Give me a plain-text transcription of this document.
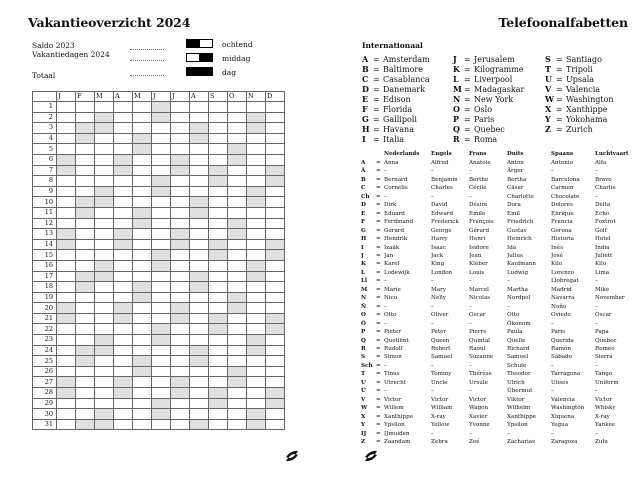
Vakantieoverzicht 2024
Saldo 2023
Vakantiedagen 2024
Totaal
ochtend
middag
dag
	J	F	M	A	M	J	J	A	S	O	N	D
1												
2												
3												
4												
5												
6												
7												
8												
9												
10												
11												
12												
13												
14												
15												
16												
17												
18												
19												
20												
21												
22												
23												
24												
25												
26												
27												
28												
29												
30												
31												
Telefoonalfabetten
Internationaal
A = Amsterdam
B = Baltimore
C = Casablanca
D = Danemark
E = Edison
F = Florida
G = Gallipoli
H = Havana
I = Italia
J = Jerusalem
K = Kilogramme
L = Liverpool
M = Madagaskar
N = New York
O = Oslo
P = Paris
Q = Quebec
R = Roma
S = Santiago
T = Tripoli
U = Upsala
V = Valencia
W = Washington
X = Xanthippe
Y = Yokohama
Z = Zurich
		Nederlands	Engels	Frans	Duits	Spaans	Luchtvaart
A	=	Anna	Alfred	Anatole	Anton	Antonio	Alfa
Ä	=	–	–	–	Ärger	–	–
B	=	Bernard	Benjamin	Berthe	Bertha	Barcelona	Bravo
C	=	Cornelis	Charles	Cécile	Cäsar	Carmen	Charlie
Ch	=	–	–	–	Charlotte	Chocolate	–
D	=	Dirk	David	Désiré	Dora	Dolores	Delta
E	=	Eduard	Edward	Émile	Emil	Enrique	Echo
F	=	Ferdinand	Frederick	François	Friedrich	Francia	Foxtrot
G	=	Gerard	George	Gérard	Gustav	Gerona	Golf
H	=	Hendrik	Harry	Henri	Heinrich	Historia	Hotel
I	=	Izaäk	Isaac	Isidore	Ida	Inés	India
J	=	Jan	Jack	Jean	Julius	José	Juliett
K	=	Karel	King	Kléber	Kaufmann	Kilo	Kilo
L	=	Lodewijk	London	Louis	Ludwig	Lorenzo	Lima
Ll	=	–	–	–	–	Llobregat	–
M	=	Marie	Mary	Marcel	Martha	Madrid	Mike
N	=	Nico	Nelly	Nicolas	Nordpol	Navarra	November
Ñ	=	–	–	–	–	Noño	–
O	=	Otto	Oliver	Oscar	Otto	Oviedo	Oscar
Ö	=	–	–	–	Ökonom	–	–
P	=	Pieter	Peter	Pierre	Paula	Paris	Papa
Q	=	Quotiënt	Queen	Quintal	Quelle	Querida	Quebec
R	=	Rudolf	Robert	Raoul	Richard	Ramón	Romeo
S	=	Simon	Samuel	Suzanne	Samuel	Sábado	Sierra
Sch	=	–	–	–	Schule	–	–
T	=	Tinus	Tommy	Thérèse	Theodor	Tarragona	Tango
U	=	Utrecht	Uncle	Ursule	Ulrich	Ulises	Uniform
Ü	=	–	–	–	Übermut	–	–
V	=	Victor	Victor	Victor	Viktor	Valencia	Victor
W	=	Willem	William	Wagon	Wilhelm	Washington	Whisky
X	=	Xanthippe	X-ray	Xavier	Xanthippe	Xiquena	X-ray
Y	=	Ypsilon	Yellow	Yvonne	Ypsilon	Yegua	Yankee
IJ	=	IJmuiden	–	–	–	–	–
Z	=	Zaandam	Zebra	Zoé	Zacharias	Zaragoza	Zulu
